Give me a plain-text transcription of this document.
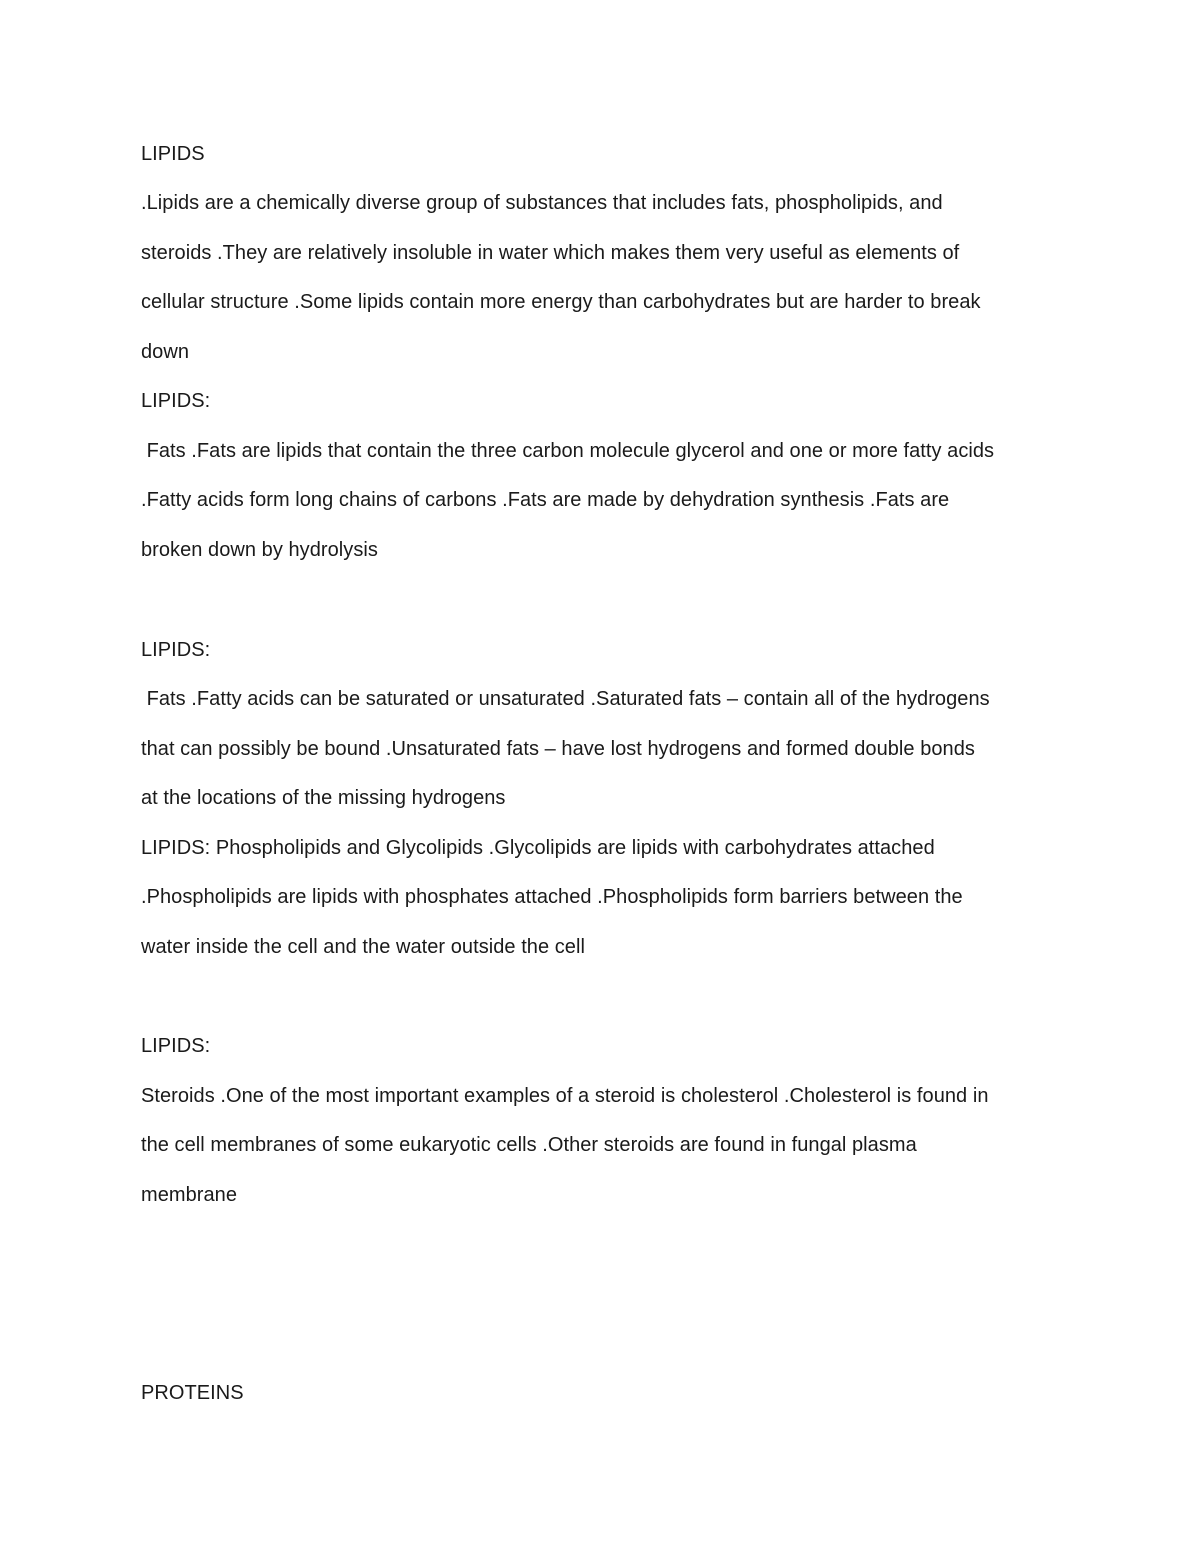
LIPIDS
.Lipids are a chemically diverse group of substances that includes fats, phospholipids, and
steroids .They are relatively insoluble in water which makes them very useful as elements of
cellular structure .Some lipids contain more energy than carbohydrates but are harder to break
down
LIPIDS:
Fats .Fats are lipids that contain the three carbon molecule glycerol and one or more fatty acids
.Fatty acids form long chains of carbons .Fats are made by dehydration synthesis .Fats are
broken down by hydrolysis
LIPIDS:
Fats .Fatty acids can be saturated or unsaturated .Saturated fats – contain all of the hydrogens
that can possibly be bound .Unsaturated fats – have lost hydrogens and formed double bonds
at the locations of the missing hydrogens
LIPIDS: Phospholipids and Glycolipids .Glycolipids are lipids with carbohydrates attached
.Phospholipids are lipids with phosphates attached .Phospholipids form barriers between the
water inside the cell and the water outside the cell
LIPIDS:
Steroids .One of the most important examples of a steroid is cholesterol .Cholesterol is found in
the cell membranes of some eukaryotic cells .Other steroids are found in fungal plasma
membrane
PROTEINS
